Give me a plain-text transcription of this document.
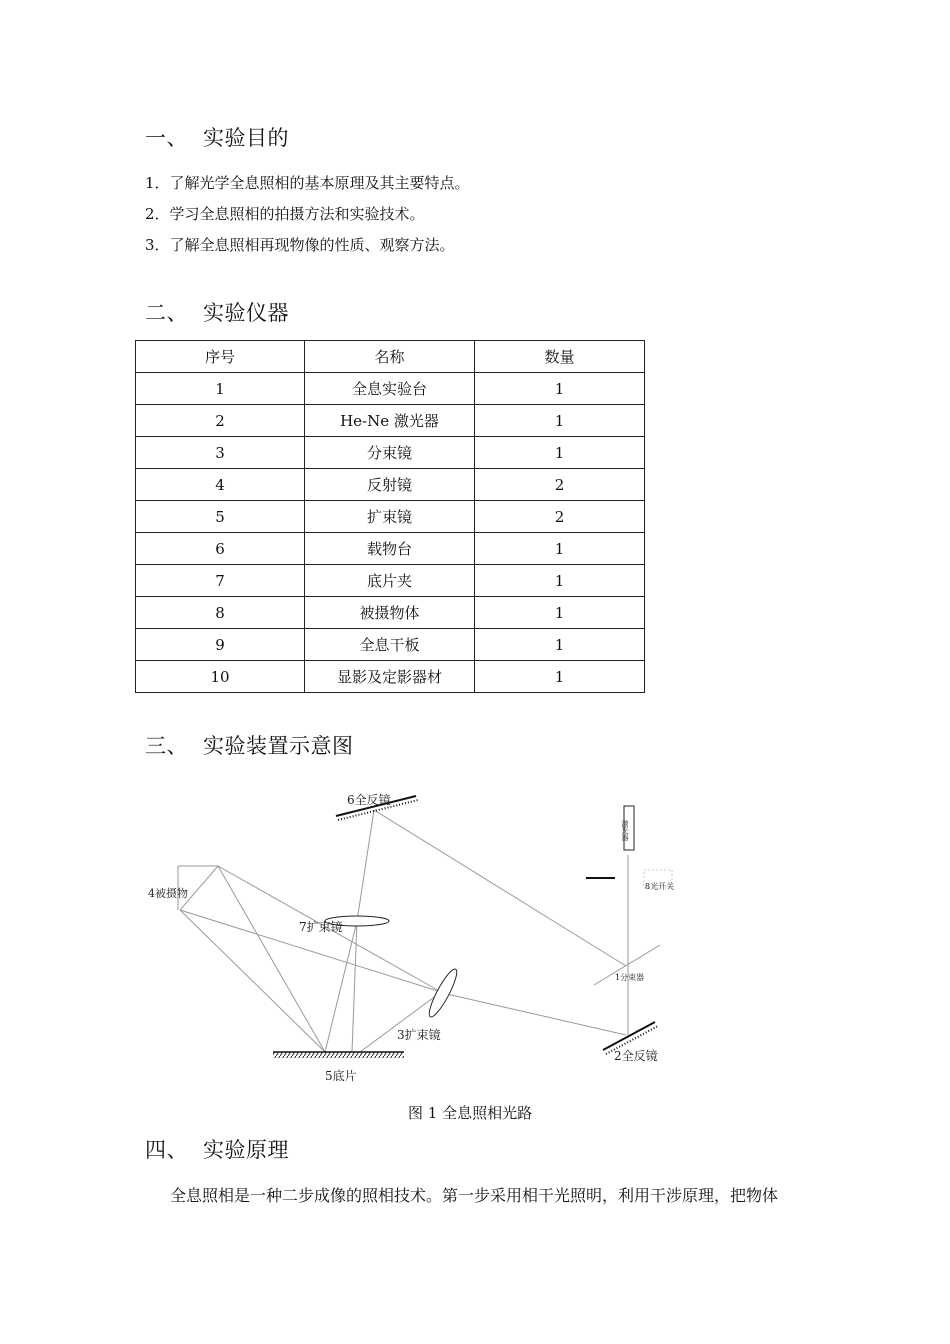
一、 实验目的
1．了解光学全息照相的基本原理及其主要特点。
2．学习全息照相的拍摄方法和实验技术。
3．了解全息照相再现物像的性质、观察方法。
二、 实验仪器
序号	名称	数量
1	全息实验台	1
2	He-Ne 激光器	1
3	分束镜	1
4	反射镜	2
5	扩束镜	2
6	载物台	1
7	底片夹	1
8	被摄物体	1
9	全息干板	1
10	显影及定影器材	1
三、 实验装置示意图
激光器
1分束器
6全反镜
2全反镜
7扩束镜
3扩束镜
4被摄物
5底片
8光开关
图 1 全息照相光路
四、 实验原理
全息照相是一种二步成像的照相技术。第一步采用相干光照明，利用干涉原理，把物体
